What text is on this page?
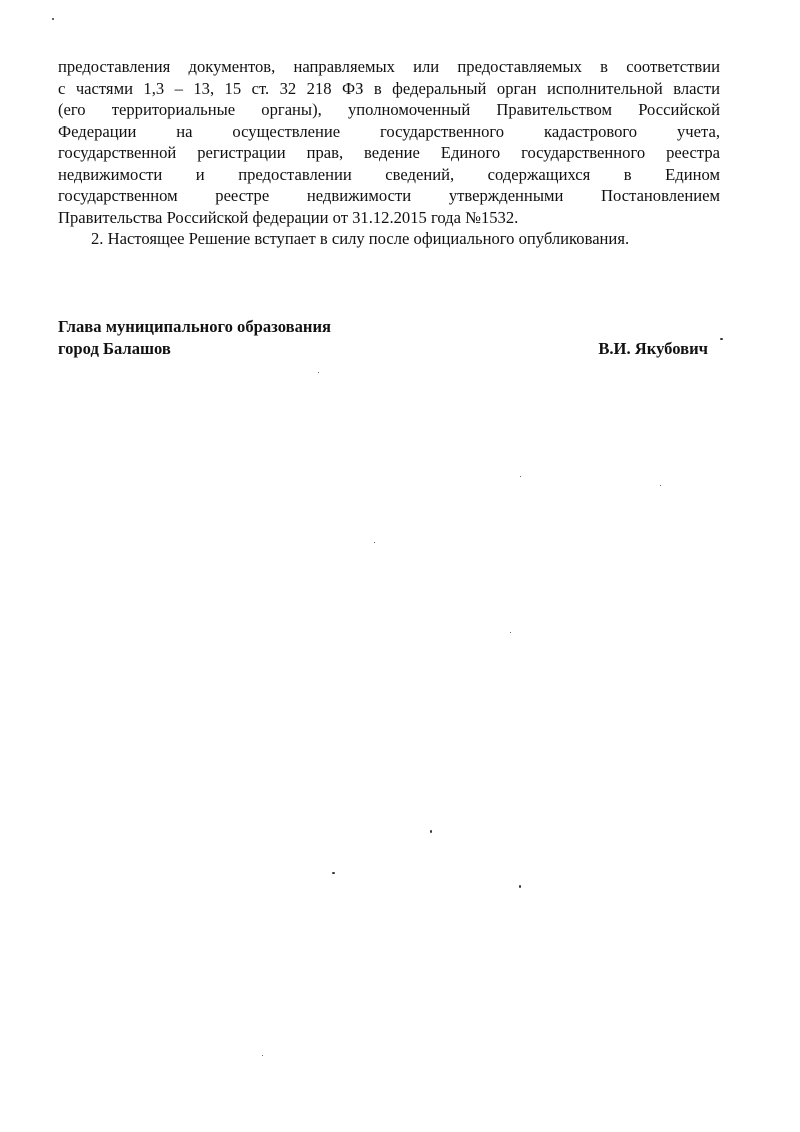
предоставления документов, направляемых или предоставляемых в соответствии
с частями 1,3 – 13, 15 ст. 32 218 ФЗ в федеральный орган исполнительной власти
(его территориальные органы), уполномоченный Правительством Российской
Федерации на осуществление государственного кадастрового учета,
государственной регистрации прав, ведение Единого государственного реестра
недвижимости и предоставлении сведений, содержащихся в Едином
государственном реестре недвижимости утвержденными Постановлением
Правительства Российской федерации от 31.12.2015 года №1532.
2. Настоящее Решение вступает в силу после официального опубликования.
Глава муниципального образования
город Балашов	В.И. Якубович
